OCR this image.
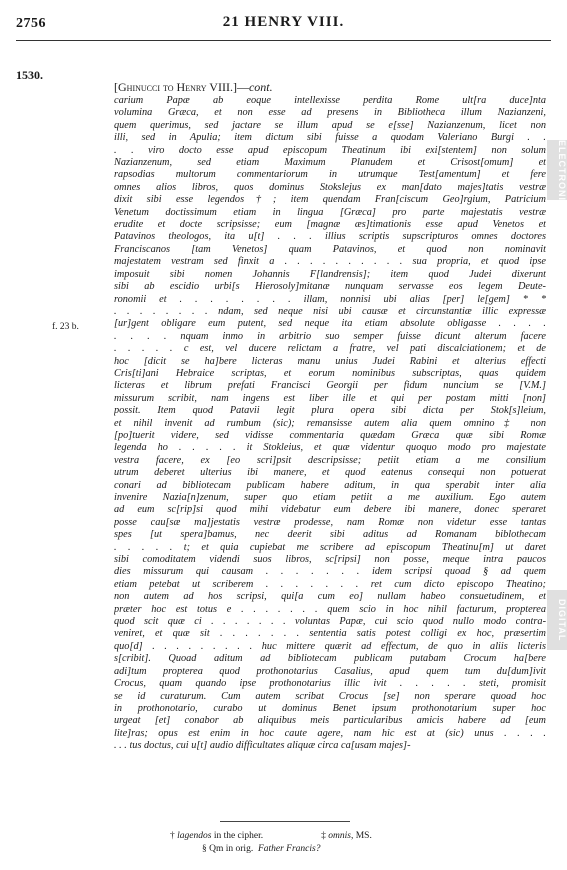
2756	21 HENRY VIII.
1530.
[Ghinucci to Henry VIII.]—cont.
f. 23 b.
carium Papæ ab eoque intellexisse perdita Rome ult[ra duce]nta
volumina Græca, et non esse ad presens in Bibliotheca illum Nazianzeni,
quem querimus, sed jactare se illum apud se e[sse] Nazianzenum, licet non
illi, sed in Apulia; item dictum sibi fuisse a quodam Valeriano Burgi . .
. . viro docto esse apud episcopum Theatinum ibi exi[stentem] non solum
Nazianzenum, sed etiam Maximum Planudem et Crisost[omum] et
rapsodias multorum commentariorum in utrumque Test[amentum] et fere
omnes alios libros, quos dominus Stokslejus ex man[dato majes]tatis vestræ
dixit sibi esse legendos†; item quendam Fran[ciscum Geo]rgium, Patricium
Venetum doctissimum etiam in lingua [Græca] pro parte majestatis vestræ
erudite et docte scripsisse; eum [magnæ æs]timationis esse apud Venetos et
Patavinos theologos, ita u[t] . . . illius scriptis supscripturos omnes doctores
Franciscanos [tam Venetos] quam Patavinos, et quod non nominavit
majestatem vestram sed finxit a . . . . . . . . . . sua propria, et quod ipse
imposuit sibi nomen Johannis F[landrensis]; item quod Judei dixerunt
sibi ab escidio urbi[s Hierosoly]mitanæ nunquam servasse eos legem Deute-
ronomii et . . . . . . . . illam, nonnisi ubi alias [per] le[gem] * *
. . . . . . . . ndam, sed neque nisi ubi causæ et circunstantiæ illic expressæ
[ur]gent obligare eum putent, sed neque ita etiam absolute obligasse . . . .
. . . . nquam inmo in arbitrio suo semper fuisse dicunt alterum facere
. . . . . c est, vel ducere relictam a fratre, vel pati discalciationem; et de
hoc [dicit se ha]bere licteras manu unius Judei Rabini et alterius effecti
Cris[ti]ani Hebraice scriptas, et eorum nominibus subscriptas, quas quidem
licteras et librum prefati Francisci Georgii per fidum nuncium se [V.M.]
missurum scribit, nam ingens est liber ille et qui per postam mitti [non]
possit. Item quod Patavii legit plura opera sibi dicta per Stok[s]leium,
et nihil invenit ad rumbum (sic); remansisse autem alia quem omnino‡ non
[po]tuerit videre, sed vidisse commentaria quædam Græca quæ sibi Romæ
legenda ho . . . . . it Stokleius, et quæ videntur quoquo modo pro majestate
vestra facere, ex [eo scri]psit descripsisse; petiit etiam a me consilium
utrum deberet ulterius ibi manere, et quod eatenus consequi non potuerat
conari ad bibliotecam publicam habere aditum, in qua sperabit inter alia
invenire Nazia[n]zenum, super quo etiam petiit a me auxilium. Ego autem
ad eum sc[rip]si quod mihi videbatur eum debere ibi manere, donec speraret
posse cau[sæ ma]jestatis vestræ prodesse, nam Romæ non videtur esse tantas
spes [ut spera]bamus, nec deerit sibi aditus ad Romanam biblothecam
. . . . . t; et quia cupiebat me scribere ad episcopum Theatinu[m] ut daret
sibi comoditatem videndi suos libros, sc[ripsi] non posse, meque intra paucos
dies missurum qui causam . . . . . . . idem scripsi quoad § ad quem
etiam petebat ut scriberem . . . . . . . ret cum dicto episcopo Theatino;
non autem ad hos scripsi, qui[a cum eo] nullam habeo consuetudinem, et
præter hoc est totus e . . . . . . . quem scio in hoc nihil facturum, propterea
quod scit quæ ci . . . . . . . voluntas Papæ, cui scio quod nullo modo contra-
veniret, et quæ sit . . . . . . . sententia satis potest colligi ex hoc, præsertim
quo[d] . . . . . . . . . huc mittere quærit ad effectum, de quo in aliis licteris
s[cribit]. Quoad aditum ad bibliotecam publicam putabam Crocum ha[bere
adi]tum propterea quod prothonotarius Casalius, apud quem tum du[dum]ivit
Crocus, quam quando ipse prothonotarius illic ivit . . . . . steti, promisit
se id curaturum. Cum autem scribat Crocus [se] non sperare quoad hoc
in prothonotario, curabo ut dominus Benet ipsum prothonotarium super hoc
urgeat [et] conabor ab aliquibus meis particularibus amicis habere ad [eum
lite]ras; opus est enim in hoc caute agere, nam hic est at (sic) unus . . . .
. . . tus doctus, cui u[t] audio difficultates aliquæ circa ca[usam majes]-
† lagendos in the cipher.	‡ omnis, MS.
§ Qm in orig. Father Francis?
ELECTRONIC
DIGITAL
